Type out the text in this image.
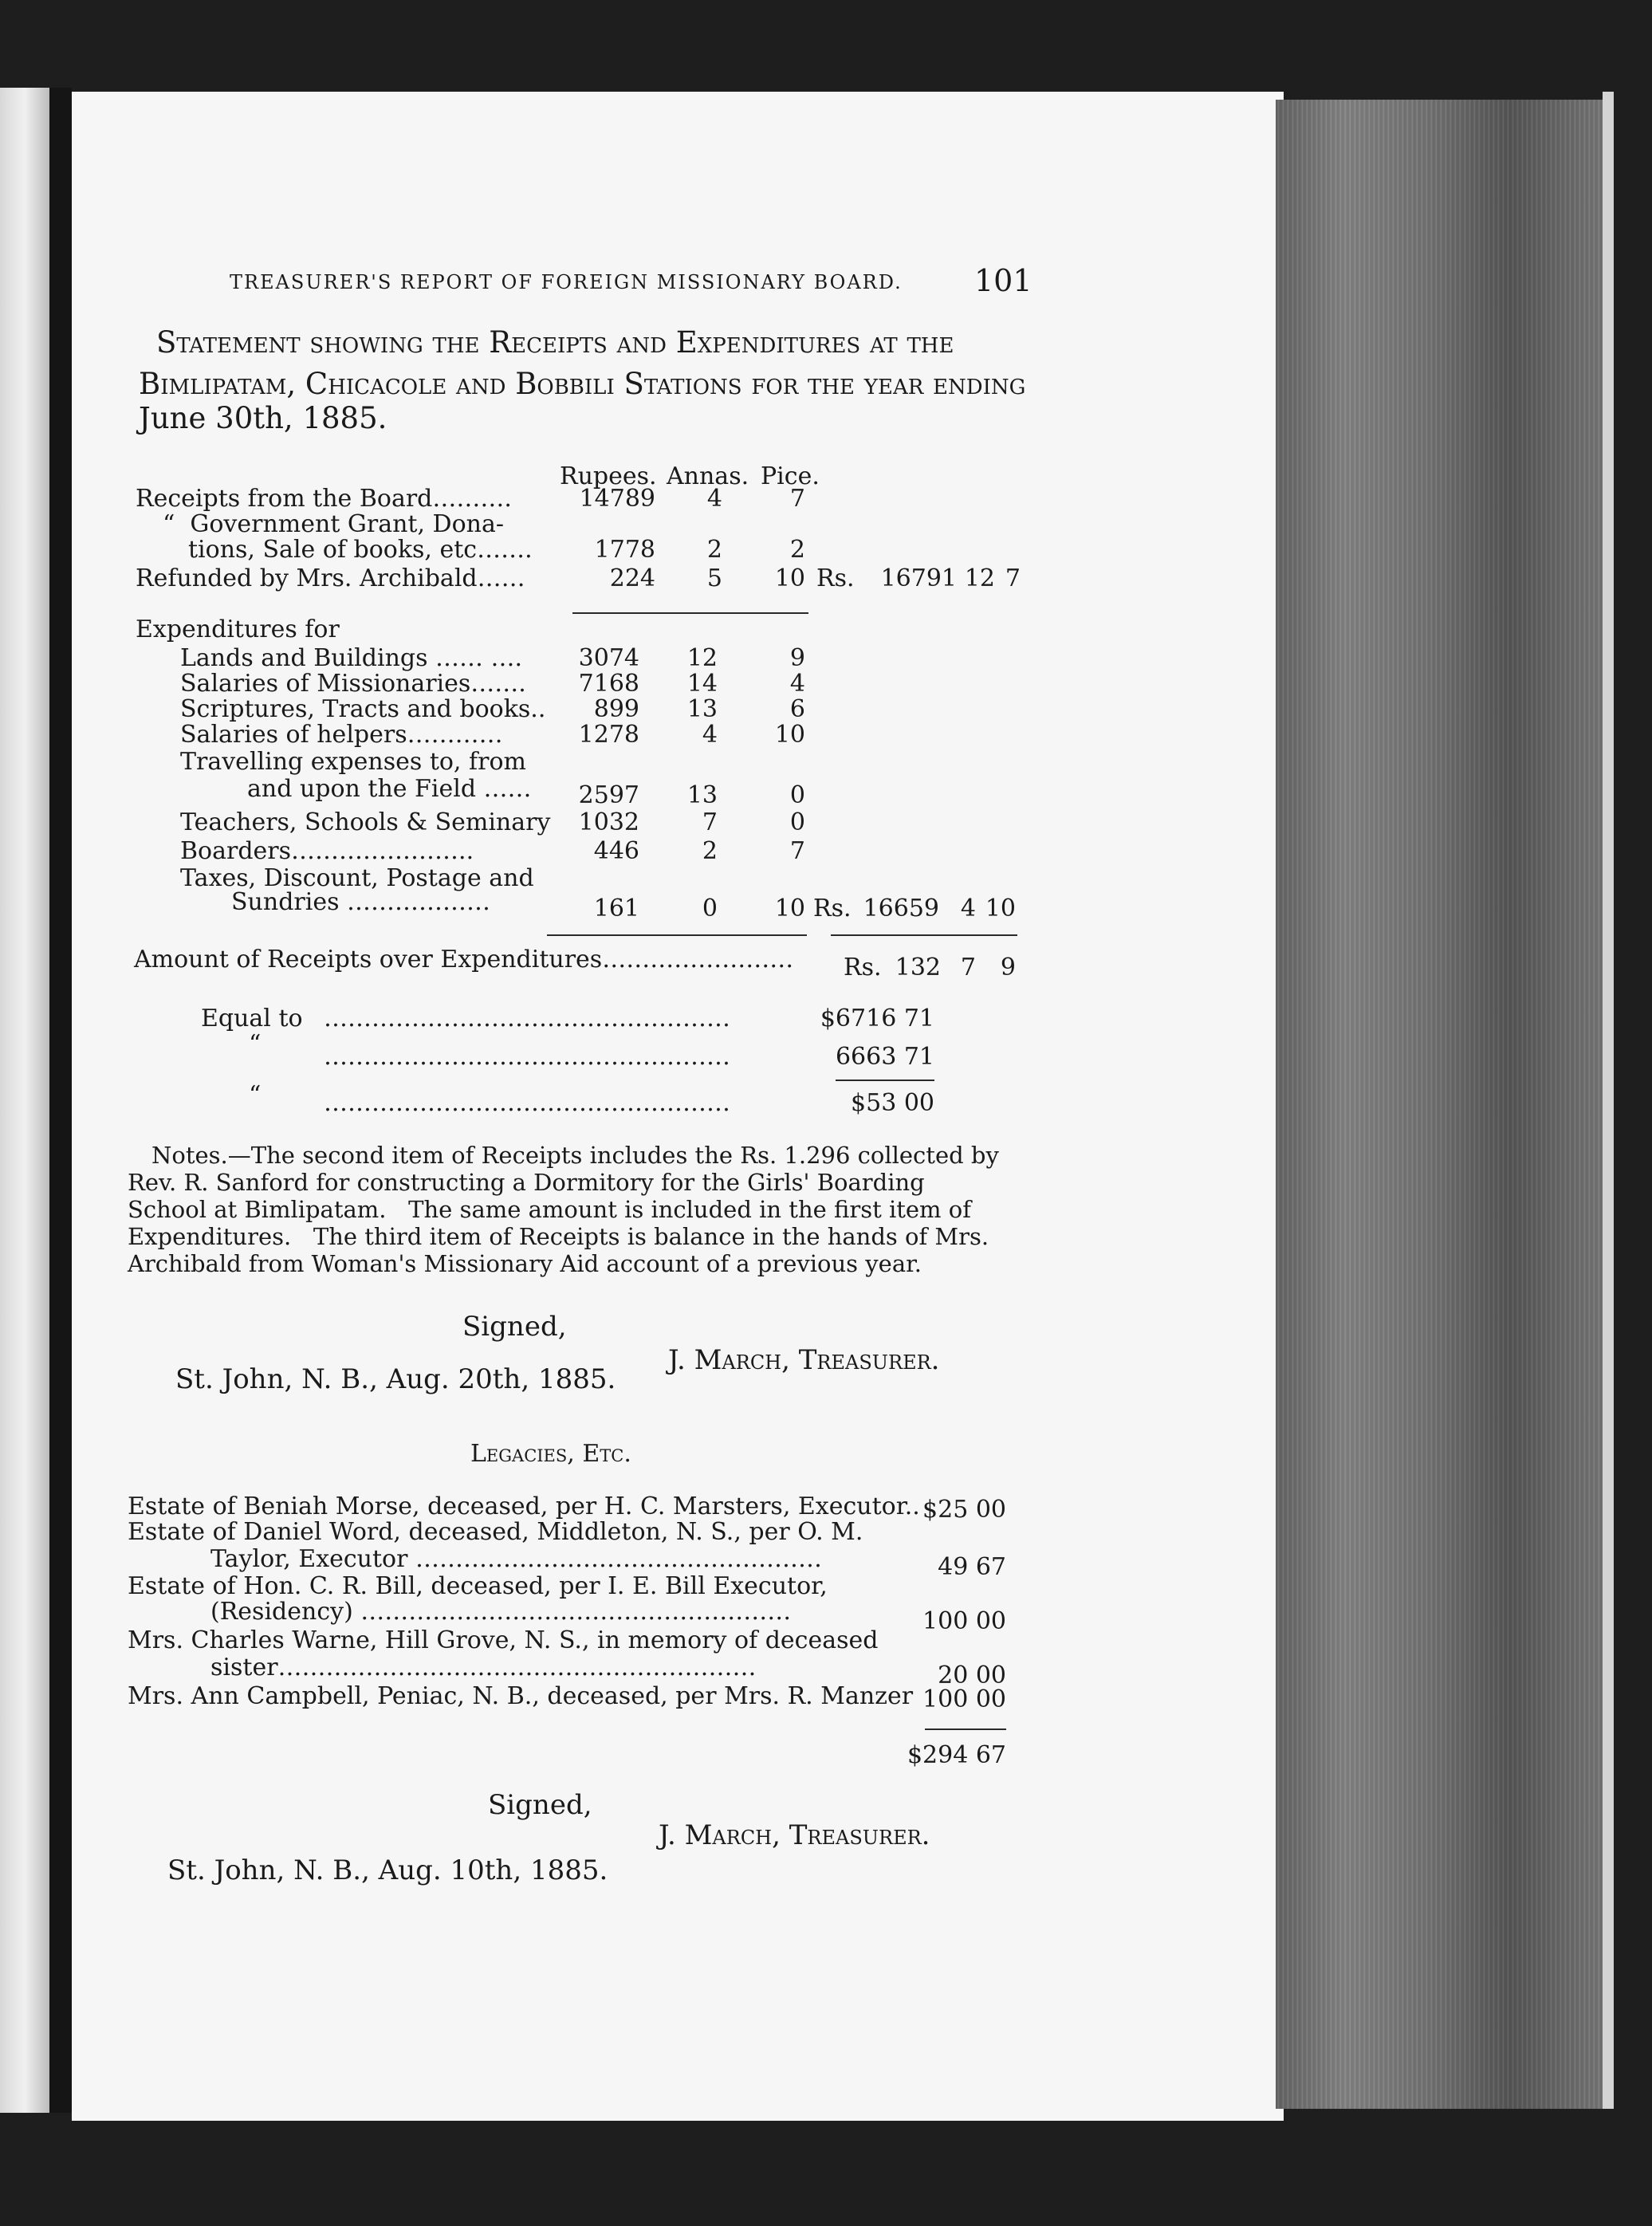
TREASURER'S REPORT OF FOREIGN MISSIONARY BOARD. 101
Statement showing the Receipts and Expenditures at the
Bimlipatam, Chicacole and Bobbili Stations for the year ending
June 30th, 1885.
Rupees. Annas. Pice.
Receipts from the Board……….	14789	4	7
“  Government Grant, Dona-
tions, Sale of books, etc…….	1778	2	2
Refunded by Mrs. Archibald……	224	5	10 Rs.	16791 12 7
Expenditures for
Lands and Buildings …… ….	3074	12	9
Salaries of Missionaries…….	7168	14	4
Scriptures, Tracts and books..	899	13	6
Salaries of helpers…………	1278	4	10
Travelling expenses to, from
and upon the Field ……	2597	13	0
Teachers, Schools & Seminary	1032	7	0
Boarders…………………..	446	2	7
Taxes, Discount, Postage and
Sundries ………………	161	0	10 Rs. 16659 4 10
Amount of Receipts over Expenditures…………………… Rs. 132 7	9
Equal to ……………………………………………	$6716 71
“	……………………………………………	6663 71
“	……………………………………………	$53 00
Notes.—The second item of Receipts includes the Rs. 1.296 collected by
Rev. R. Sanford for constructing a Dormitory for the Girls' Boarding
School at Bimlipatam.   The same amount is included in the first item of
Expenditures.   The third item of Receipts is balance in the hands of Mrs.
Archibald from Woman's Missionary Aid account of a previous year.
Signed,
J. March, Treasurer.
St. John, N. B., Aug. 20th, 1885.
Legacies, Etc.
Estate of Beniah Morse, deceased, per H. C. Marsters, Executor.. $25 00
Estate of Daniel Word, deceased, Middleton, N. S., per O. M.
Taylor, Executor ……………………………………………	49 67
Estate of Hon. C. R. Bill, deceased, per I. E. Bill Executor,
(Residency) ………………………………………………	100 00
Mrs. Charles Warne, Hill Grove, N. S., in memory of deceased
sister……………………………………………………	20 00
Mrs. Ann Campbell, Peniac, N. B., deceased, per Mrs. R. Manzer 100 00
$294 67
Signed,
J. March, Treasurer.
St. John, N. B., Aug. 10th, 1885.
